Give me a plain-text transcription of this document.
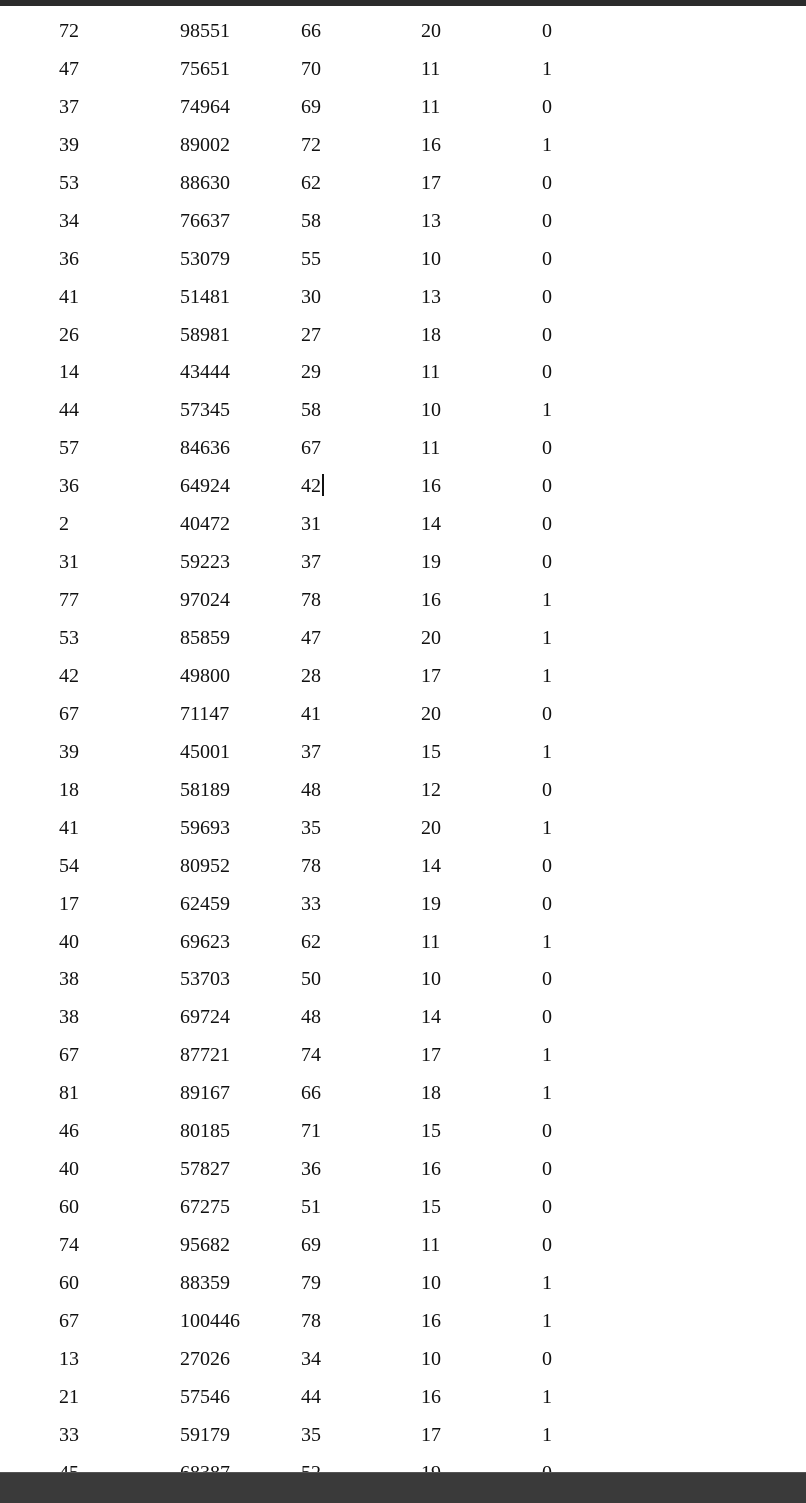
72	98551	66	20	0
47	75651	70	11	1
37	74964	69	11	0
39	89002	72	16	1
53	88630	62	17	0
34	76637	58	13	0
36	53079	55	10	0
41	51481	30	13	0
26	58981	27	18	0
14	43444	29	11	0
44	57345	58	10	1
57	84636	67	11	0
36	64924	42	16	0
2	40472	31	14	0
31	59223	37	19	0
77	97024	78	16	1
53	85859	47	20	1
42	49800	28	17	1
67	71147	41	20	0
39	45001	37	15	1
18	58189	48	12	0
41	59693	35	20	1
54	80952	78	14	0
17	62459	33	19	0
40	69623	62	11	1
38	53703	50	10	0
38	69724	48	14	0
67	87721	74	17	1
81	89167	66	18	1
46	80185	71	15	0
40	57827	36	16	0
60	67275	51	15	0
74	95682	69	11	0
60	88359	79	10	1
67	100446	78	16	1
13	27026	34	10	0
21	57546	44	16	1
33	59179	35	17	1
